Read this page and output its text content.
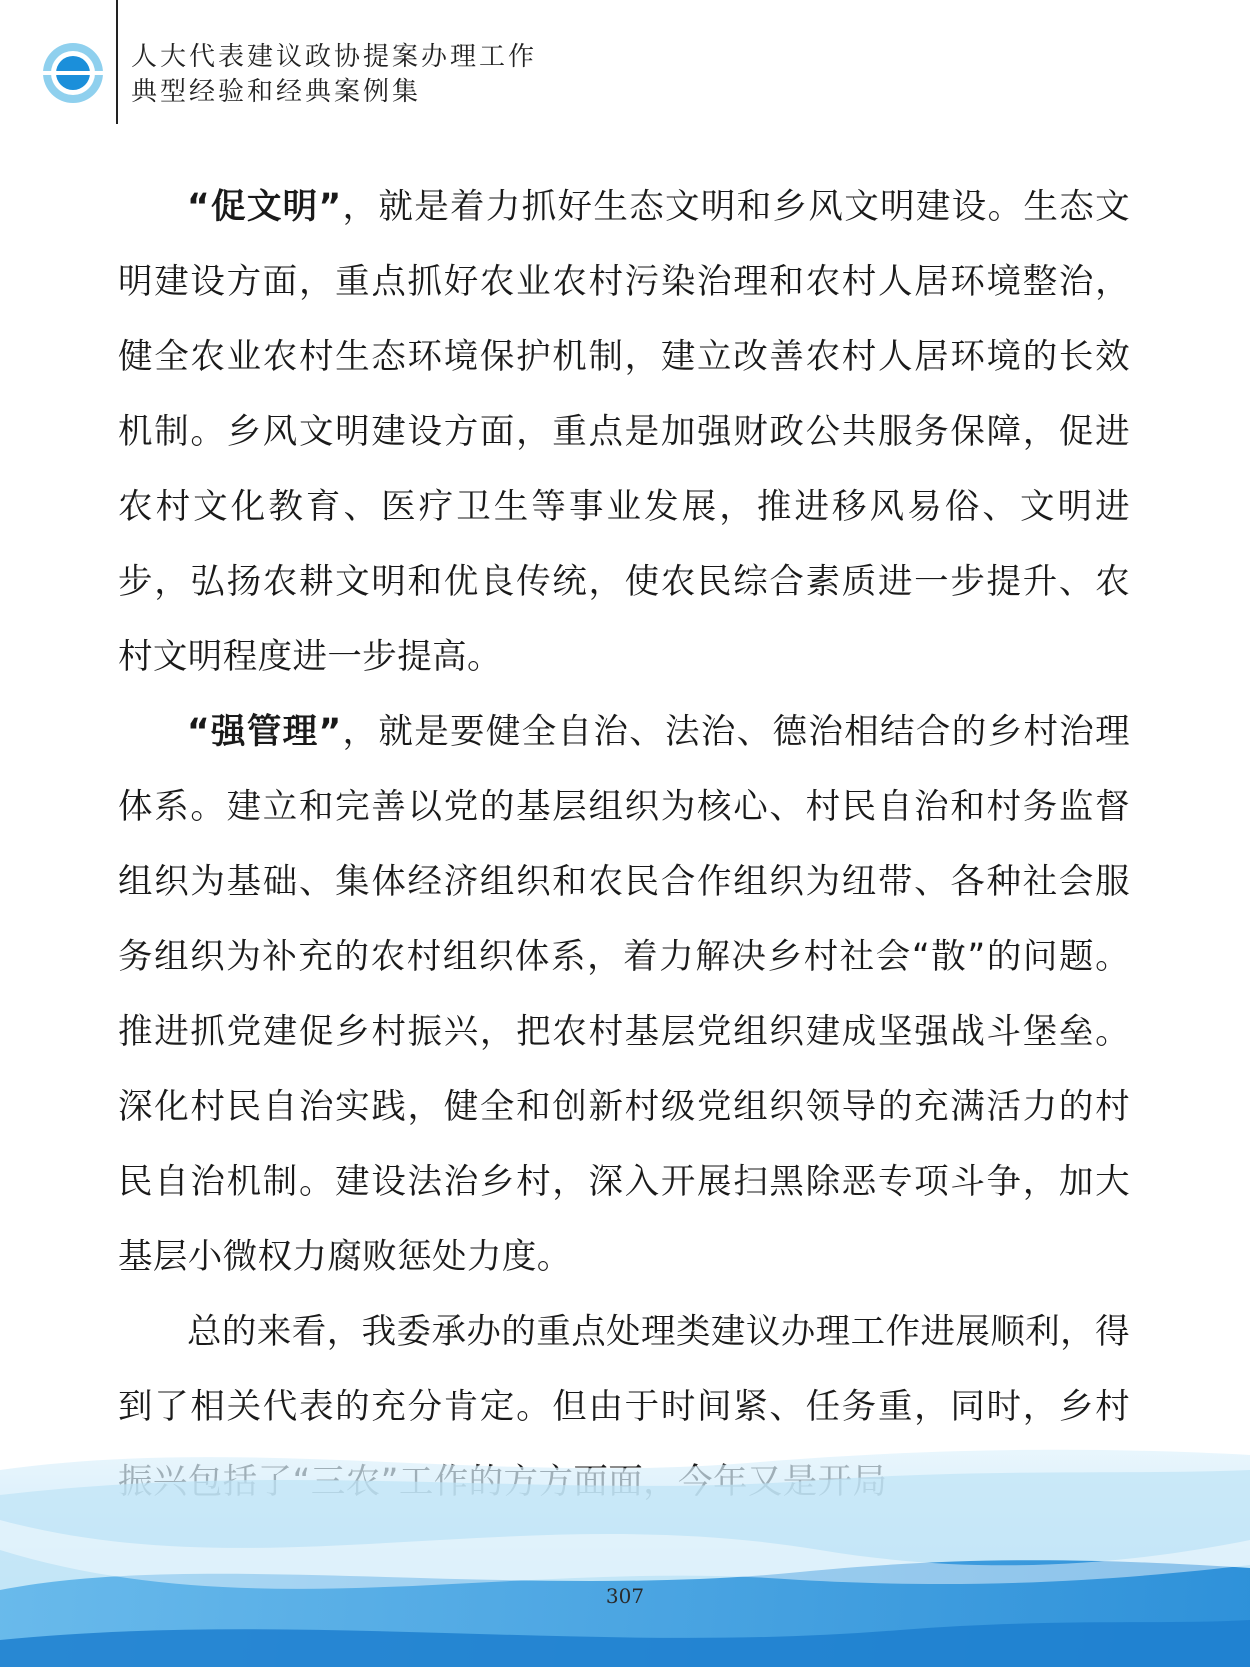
人大代表建议政协提案办理工作
典型经验和经典案例集

“促文明”，就是着力抓好生态文明和乡风文明建设。生态文明建设方面，重点抓好农业农村污染治理和农村人居环境整治，健全农业农村生态环境保护机制，建立改善农村人居环境的长效机制。乡风文明建设方面，重点是加强财政公共服务保障，促进农村文化教育、医疗卫生等事业发展，推进移风易俗、文明进步，弘扬农耕文明和优良传统，使农民综合素质进一步提升、农村文明程度进一步提高。

“强管理”，就是要健全自治、法治、德治相结合的乡村治理体系。建立和完善以党的基层组织为核心、村民自治和村务监督组织为基础、集体经济组织和农民合作组织为纽带、各种社会服务组织为补充的农村组织体系，着力解决乡村社会“散”的问题。推进抓党建促乡村振兴，把农村基层党组织建成坚强战斗堡垒。深化村民自治实践，健全和创新村级党组织领导的充满活力的村民自治机制。建设法治乡村，深入开展扫黑除恶专项斗争，加大基层小微权力腐败惩处力度。

总的来看，我委承办的重点处理类建议办理工作进展顺利，得到了相关代表的充分肯定。但由于时间紧、任务重，同时，乡村

307
